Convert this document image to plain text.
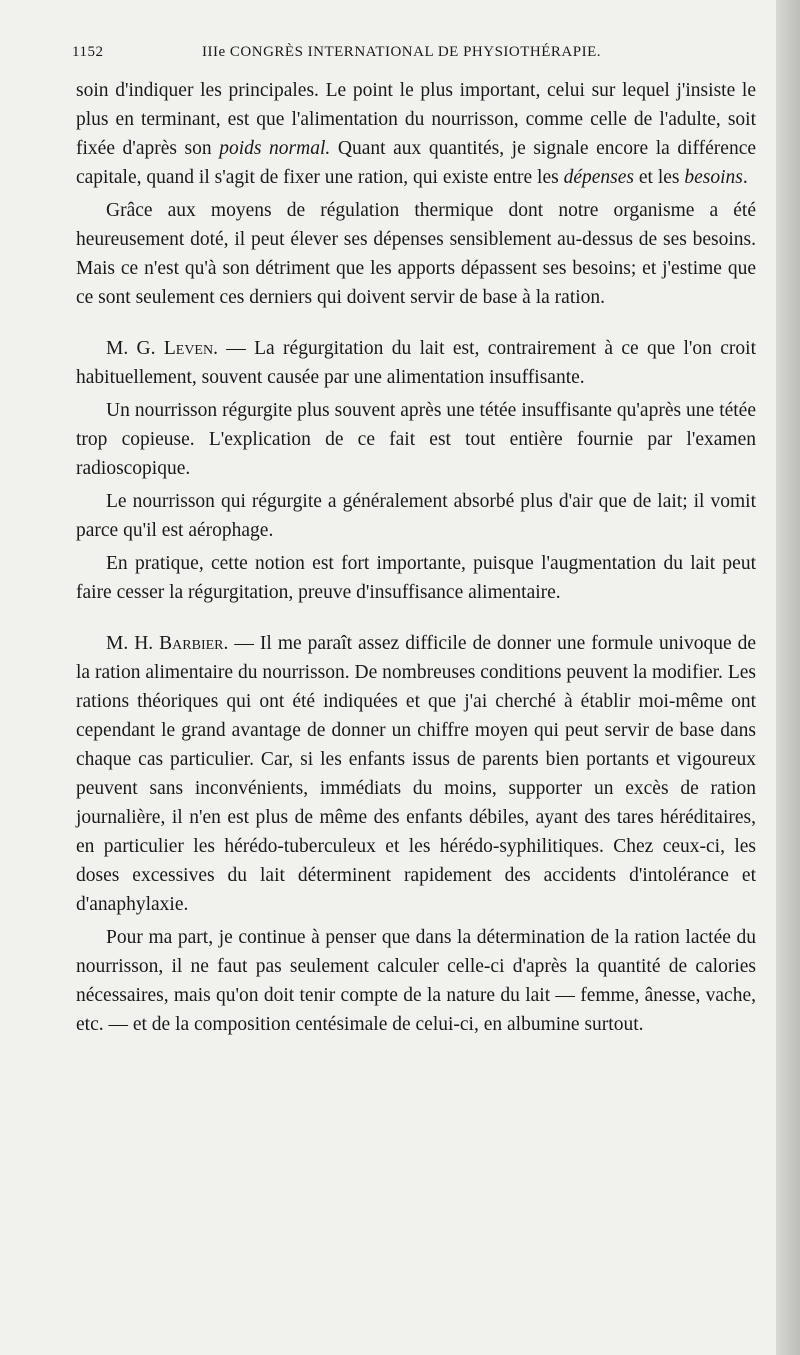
1152	IIIe CONGRÈS INTERNATIONAL DE PHYSIOTHÉRAPIE.

soin d'indiquer les principales. Le point le plus important, celui sur lequel j'insiste le plus en terminant, est que l'alimentation du nourrisson, comme celle de l'adulte, soit fixée d'après son poids normal. Quant aux quantités, je signale encore la différence capitale, quand il s'agit de fixer une ration, qui existe entre les dépenses et les besoins.

Grâce aux moyens de régulation thermique dont notre organisme a été heureusement doté, il peut élever ses dépenses sensiblement au-dessus de ses besoins. Mais ce n'est qu'à son détriment que les apports dépassent ses besoins; et j'estime que ce sont seulement ces derniers qui doivent servir de base à la ration.

M. G. Leven. — La régurgitation du lait est, contrairement à ce que l'on croit habituellement, souvent causée par une alimentation insuffisante.

Un nourrisson régurgite plus souvent après une tétée insuffisante qu'après une tétée trop copieuse. L'explication de ce fait est tout entière fournie par l'examen radioscopique.

Le nourrisson qui régurgite a généralement absorbé plus d'air que de lait; il vomit parce qu'il est aérophage.

En pratique, cette notion est fort importante, puisque l'augmentation du lait peut faire cesser la régurgitation, preuve d'insuffisance alimentaire.

M. H. Barbier. — Il me paraît assez difficile de donner une formule univoque de la ration alimentaire du nourrisson. De nombreuses conditions peuvent la modifier. Les rations théoriques qui ont été indiquées et que j'ai cherché à établir moi-même ont cependant le grand avantage de donner un chiffre moyen qui peut servir de base dans chaque cas particulier. Car, si les enfants issus de parents bien portants et vigoureux peuvent sans inconvénients, immédiats du moins, supporter un excès de ration journalière, il n'en est plus de même des enfants débiles, ayant des tares héréditaires, en particulier les hérédo-tuberculeux et les hérédo-syphilitiques. Chez ceux-ci, les doses excessives du lait déterminent rapidement des accidents d'intolérance et d'anaphylaxie.

Pour ma part, je continue à penser que dans la détermination de la ration lactée du nourrisson, il ne faut pas seulement calculer celle-ci d'après la quantité de calories nécessaires, mais qu'on doit tenir compte de la nature du lait — femme, ânesse, vache, etc. — et de la composition centésimale de celui-ci, en albumine surtout.
